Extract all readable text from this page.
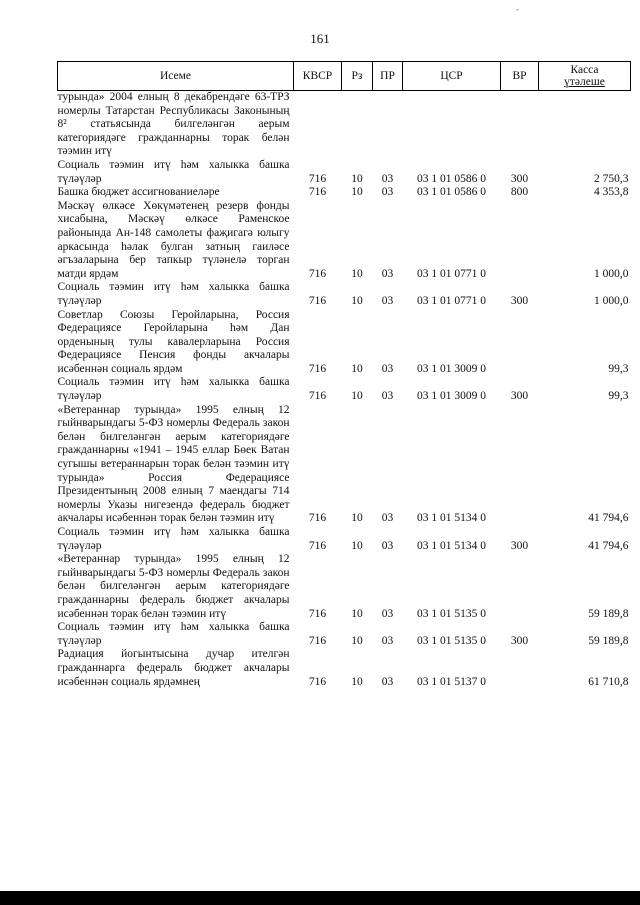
‑
161
Исеме	КВСР	Рз	ПР	ЦСР	ВР	Касса
үтәлеше

турында» 2004 елның 8 декабрендәге 63-ТРЗ номерлы Татарстан Республикасы Законының 8² статьясында билгеләнгән аерым категориядәге гражданнарны торак белән тәэмин итү						
Социаль тәэмин итү һәм халыкка башка түләүләр	716	10	03	03 1 01 0586 0	300	2 750,3
Башка бюджет ассигнованиеләре	716	10	03	03 1 01 0586 0	800	4 353,8
Мәскәү өлкәсе Хөкүмәтенең резерв фонды хисабына, Мәскәү өлкәсе Раменское районында Ан-148 самолеты фаҗигагә юлыгу аркасында һәлак булган затның гаиләсе әгъзаларына бер тапкыр түләнелә торган матди ярдәм	716	10	03	03 1 01 0771 0		1 000,0
Социаль тәэмин итү һәм халыкка башка түләүләр	716	10	03	03 1 01 0771 0	300	1 000,0
Советлар Союзы Геройларына, Россия Федерациясе Геройларына һәм Дан орденының тулы кавалерларына Россия Федерациясе Пенсия фонды акчалары исәбеннән социаль ярдәм	716	10	03	03 1 01 3009 0		99,3
Социаль тәэмин итү һәм халыкка башка түләүләр	716	10	03	03 1 01 3009 0	300	99,3
«Ветераннар турында» 1995 елның 12 гыйнварындагы 5-ФЗ номерлы Федераль закон белән билгеләнгән аерым категориядәге гражданнарны «1941 – 1945 еллар Бөек Ватан сугышы ветераннарын торак белән тәэмин итү турында» Россия Федерациясе Президентының 2008 елның 7 маендагы 714 номерлы Указы нигезендә федераль бюджет акчалары исәбеннән торак белән тәэмин итү	716	10	03	03 1 01 5134 0		41 794,6
Социаль тәэмин итү һәм халыкка башка түләүләр	716	10	03	03 1 01 5134 0	300	41 794,6
«Ветераннар турында» 1995 елның 12 гыйнварындагы 5-ФЗ номерлы Федераль закон белән билгеләнгән аерым категориядәге гражданнарны федераль бюджет акчалары исәбеннән торак белән тәэмин итү	716	10	03	03 1 01 5135 0		59 189,8
Социаль тәэмин итү һәм халыкка башка түләүләр	716	10	03	03 1 01 5135 0	300	59 189,8
Радиация йогынтысына дучар ителгән гражданнарга федераль бюджет акчалары исәбеннән социаль ярдәмнең	716	10	03	03 1 01 5137 0		61 710,8
